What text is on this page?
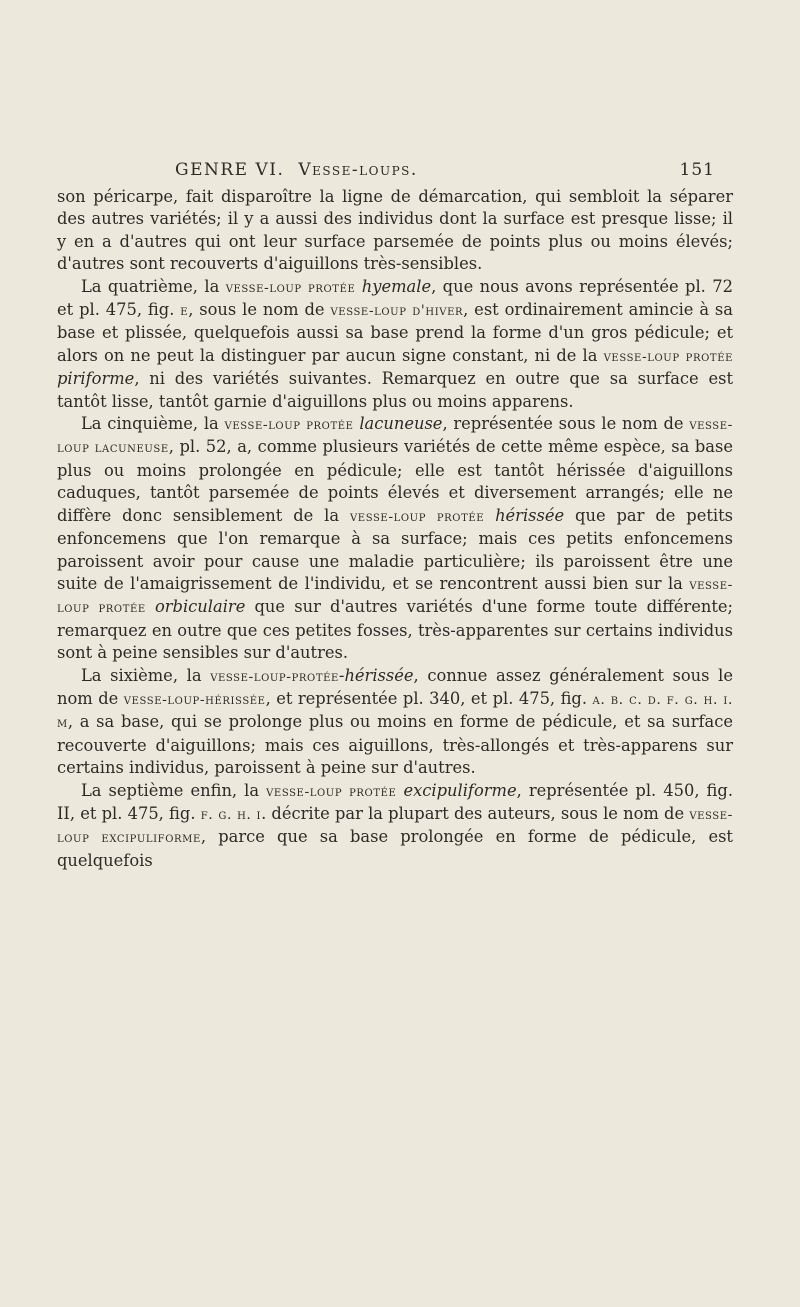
GENRE VI. Vesse-loups.	151

son péricarpe, fait disparoître la ligne de démarcation, qui sembloit la séparer des autres variétés; il y a aussi des individus dont la surface est presque lisse; il y en a d'autres qui ont leur surface parsemée de points plus ou moins élevés; d'autres sont recouverts d'aiguillons très-sensibles.

La quatrième, la vesse-loup protée hyemale, que nous avons représentée pl. 72 et pl. 475, fig. e, sous le nom de vesse-loup d'hiver, est ordinairement amincie à sa base et plissée, quelquefois aussi sa base prend la forme d'un gros pédicule; et alors on ne peut la distinguer par aucun signe constant, ni de la vesse-loup protée piriforme, ni des variétés suivantes. Remarquez en outre que sa surface est tantôt lisse, tantôt garnie d'aiguillons plus ou moins apparens.

La cinquième, la vesse-loup protée lacuneuse, représentée sous le nom de vesse-loup lacuneuse, pl. 52, a, comme plusieurs variétés de cette même espèce, sa base plus ou moins prolongée en pédicule; elle est tantôt hérissée d'aiguillons caduques, tantôt parsemée de points élevés et diversement arrangés; elle ne diffère donc sensiblement de la vesse-loup protée hérissée que par de petits enfoncemens que l'on remarque à sa surface; mais ces petits enfoncemens paroissent avoir pour cause une maladie particulière; ils paroissent être une suite de l'amaigrissement de l'individu, et se rencontrent aussi bien sur la vesse-loup protée orbiculaire que sur d'autres variétés d'une forme toute différente; remarquez en outre que ces petites fosses, très-apparentes sur certains individus sont à peine sensibles sur d'autres.

La sixième, la vesse-loup-protée-hérissée, connue assez généralement sous le nom de vesse-loup-hérissée, et représentée pl. 340, et pl. 475, fig. a. b. c. d. f. g. h. i. m, a sa base, qui se prolonge plus ou moins en forme de pédicule, et sa surface recouverte d'aiguillons; mais ces aiguillons, très-allongés et très-apparens sur certains individus, paroissent à peine sur d'autres.

La septième enfin, la vesse-loup protée excipuliforme, représentée pl. 450, fig. II, et pl. 475, fig. f. g. h. i. décrite par la plupart des auteurs, sous le nom de vesse-loup excipuliforme, parce que sa base prolongée en forme de pédicule, est quelquefois
